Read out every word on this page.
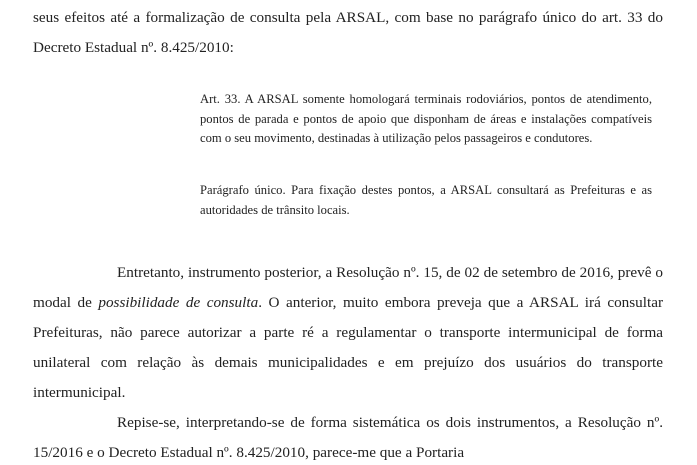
seus efeitos até a formalização de consulta pela ARSAL, com base no parágrafo único do art. 33 do Decreto Estadual nº. 8.425/2010:

Art. 33. A ARSAL somente homologará terminais rodoviários, pontos de atendimento, pontos de parada e pontos de apoio que disponham de áreas e instalações compatíveis com o seu movimento, destinadas à utilização pelos passageiros e condutores.

Parágrafo único. Para fixação destes pontos, a ARSAL consultará as Prefeituras e as autoridades de trânsito locais.

Entretanto, instrumento posterior, a Resolução nº. 15, de 02 de setembro de 2016, prevê o modal de possibilidade de consulta. O anterior, muito embora preveja que a ARSAL irá consultar Prefeituras, não parece autorizar a parte ré a regulamentar o transporte intermunicipal de forma unilateral com relação às demais municipalidades e em prejuízo dos usuários do transporte intermunicipal.

Repise-se, interpretando-se de forma sistemática os dois instrumentos, a Resolução nº. 15/2016 e o Decreto Estadual nº. 8.425/2010, parece-me que a Portaria
